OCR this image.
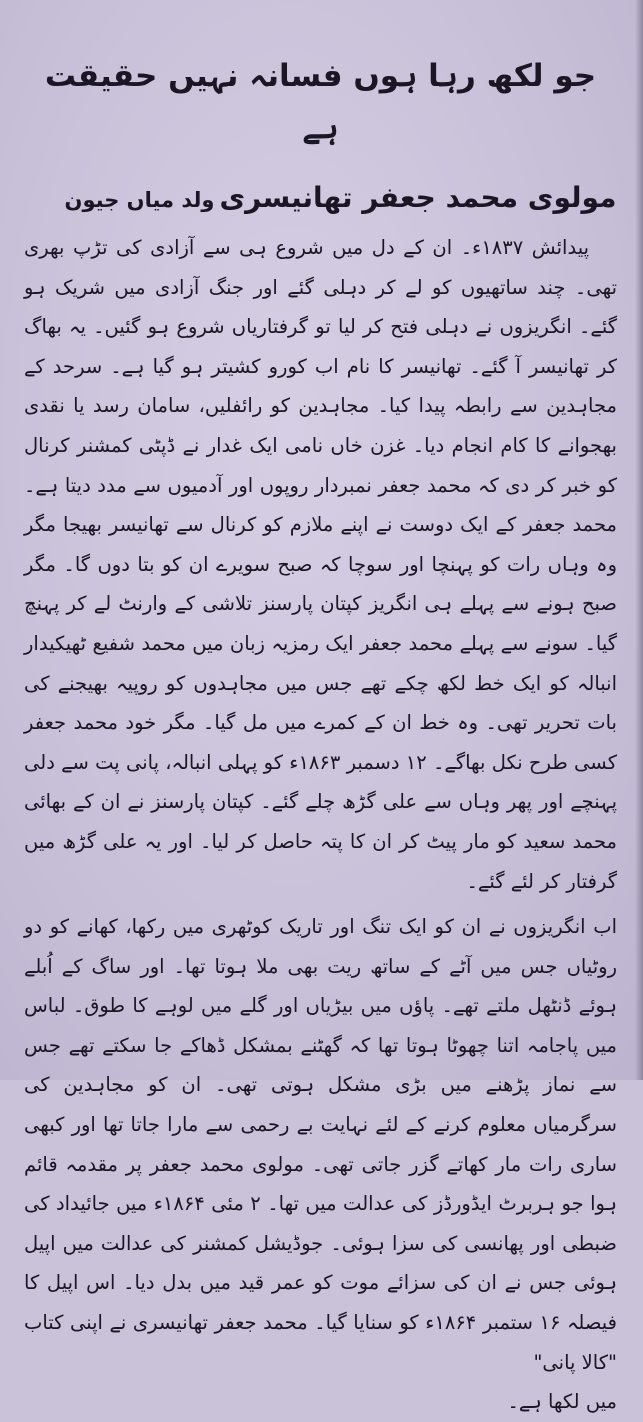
جو لکھ رہا ہوں فسانہ نہیں حقیقت ہے
مولوی محمد جعفر تھانیسری ولد میاں جیون

پیدائش ۱۸۳۷ء۔ ان کے دل میں شروع ہی سے آزادی کی تڑپ بھری تھی۔ چند ساتھیوں کو لے کر دہلی گئے اور جنگ آزادی میں شریک ہو گئے۔ انگریزوں نے دہلی فتح کر لیا تو گرفتاریاں شروع ہو گئیں۔ یہ بھاگ کر تھانیسر آ گئے۔ تھانیسر کا نام اب کورو کشیتر ہو گیا ہے۔ سرحد کے مجاہدین سے رابطہ پیدا کیا۔ مجاہدین کو رائفلیں، سامان رسد یا نقدی بھجوانے کا کام انجام دیا۔ غزن خاں نامی ایک غدار نے ڈپٹی کمشنر کرنال کو خبر کر دی کہ محمد جعفر نمبردار روپوں اور آدمیوں سے مدد دیتا ہے۔ محمد جعفر کے ایک دوست نے اپنے ملازم کو کرنال سے تھانیسر بھیجا مگر وہ وہاں رات کو پہنچا اور سوچا کہ صبح سویرے ان کو بتا دوں گا۔ مگر صبح ہونے سے پہلے ہی انگریز کپتان پارسنز تلاشی کے وارنٹ لے کر پہنچ گیا۔ سونے سے پہلے محمد جعفر ایک رمزیہ زبان میں محمد شفیع ٹھیکیدار انبالہ کو ایک خط لکھ چکے تھے جس میں مجاہدوں کو روپیہ بھیجنے کی بات تحریر تھی۔ وہ خط ان کے کمرے میں مل گیا۔ مگر خود محمد جعفر کسی طرح نکل بھاگے۔ ۱۲ دسمبر ۱۸۶۳ء کو پہلی انبالہ، پانی پت سے دلی پہنچے اور پھر وہاں سے علی گڑھ چلے گئے۔ کپتان پارسنز نے ان کے بھائی محمد سعید کو مار پیٹ کر ان کا پتہ حاصل کر لیا۔ اور یہ علی گڑھ میں گرفتار کر لئے گئے۔

اب انگریزوں نے ان کو ایک تنگ اور تاریک کوٹھری میں رکھا، کھانے کو دو روٹیاں جس میں آٹے کے ساتھ ریت بھی ملا ہوتا تھا۔ اور ساگ کے اُبلے ہوئے ڈنٹھل ملتے تھے۔ پاؤں میں بیڑیاں اور گلے میں لوہے کا طوق۔ لباس میں پاجامہ اتنا چھوٹا ہوتا تھا کہ گھٹنے بمشکل ڈھاکے جا سکتے تھے جس سے نماز پڑھنے میں بڑی مشکل ہوتی تھی۔ ان کو مجاہدین کی سرگرمیاں معلوم کرنے کے لئے نہایت بے رحمی سے مارا جاتا تھا اور کبھی ساری رات مار کھاتے گزر جاتی تھی۔ مولوی محمد جعفر پر مقدمہ قائم ہوا جو ہربرٹ ایڈورڈز کی عدالت میں تھا۔ ۲ مئی ۱۸۶۴ء میں جائیداد کی ضبطی اور پھانسی کی سزا ہوئی۔ جوڈیشل کمشنر کی عدالت میں اپیل ہوئی جس نے ان کی سزائے موت کو عمر قید میں بدل دیا۔ اس اپیل کا فیصلہ ۱۶ ستمبر ۱۸۶۴ء کو سنایا گیا۔ محمد جعفر تھانیسری نے اپنی کتاب "کالا پانی"

میں لکھا ہے۔
